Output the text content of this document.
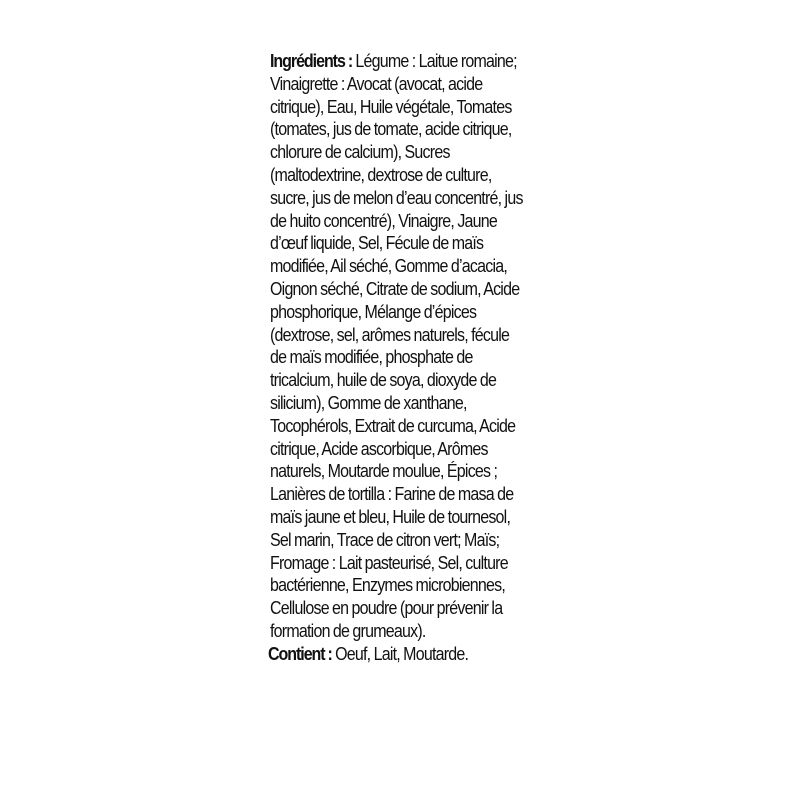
Ingrédients : Légume : Laitue romaine; Vinaigrette : Avocat (avocat, acide citrique), Eau, Huile végétale, Tomates (tomates, jus de tomate, acide citrique, chlorure de calcium), Sucres (maltodextrine, dextrose de culture, sucre, jus de melon d’eau concentré, jus de huito concentré), Vinaigre, Jaune d’œuf liquide, Sel, Fécule de maïs modifiée, Ail séché, Gomme d’acacia, Oignon séché, Citrate de sodium, Acide phosphorique, Mélange d’épices (dextrose, sel, arômes naturels, fécule de maïs modifiée, phosphate de tricalcium, huile de soya, dioxyde de silicium), Gomme de xanthane, Tocophérols, Extrait de curcuma, Acide citrique, Acide ascorbique, Arômes naturels, Moutarde moulue, Épices ; Lanières de tortilla : Farine de masa de maïs jaune et bleu, Huile de tournesol, Sel marin, Trace de citron vert; Maïs; Fromage : Lait pasteurisé, Sel, culture bactérienne, Enzymes microbiennes, Cellulose en poudre (pour prévenir la formation de grumeaux).

Contient : Oeuf, Lait, Moutarde.
